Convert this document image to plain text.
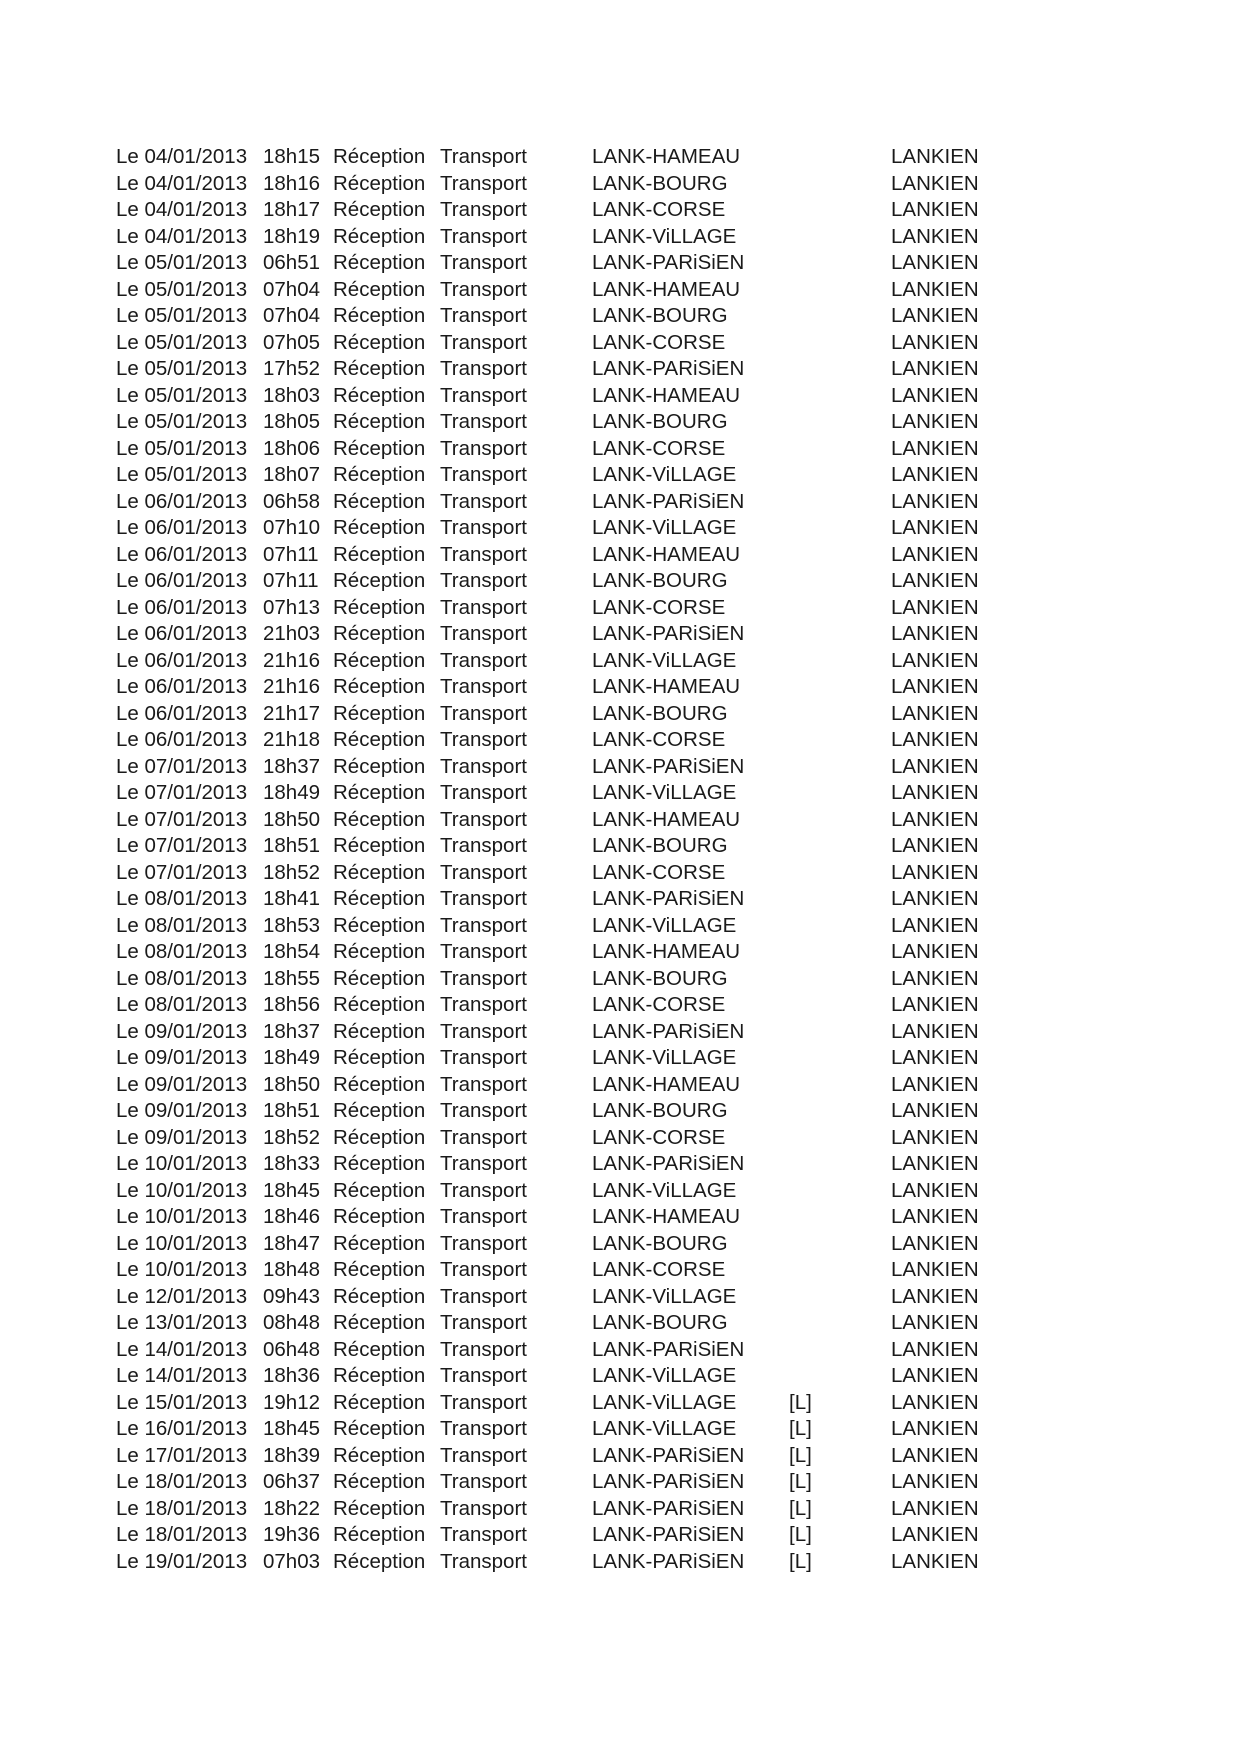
Le 04/01/2013 18h15 Réception Transport	LANK-HAMEAU	LANKIEN
Le 04/01/2013 18h16 Réception Transport	LANK-BOURG	LANKIEN
Le 04/01/2013 18h17 Réception Transport	LANK-CORSE	LANKIEN
Le 04/01/2013 18h19 Réception Transport	LANK-ViLLAGE	LANKIEN
Le 05/01/2013 06h51 Réception Transport	LANK-PARiSiEN	LANKIEN
Le 05/01/2013 07h04 Réception Transport	LANK-HAMEAU	LANKIEN
Le 05/01/2013 07h04 Réception Transport	LANK-BOURG	LANKIEN
Le 05/01/2013 07h05 Réception Transport	LANK-CORSE	LANKIEN
Le 05/01/2013 17h52 Réception Transport	LANK-PARiSiEN	LANKIEN
Le 05/01/2013 18h03 Réception Transport	LANK-HAMEAU	LANKIEN
Le 05/01/2013 18h05 Réception Transport	LANK-BOURG	LANKIEN
Le 05/01/2013 18h06 Réception Transport	LANK-CORSE	LANKIEN
Le 05/01/2013 18h07 Réception Transport	LANK-ViLLAGE	LANKIEN
Le 06/01/2013 06h58 Réception Transport	LANK-PARiSiEN	LANKIEN
Le 06/01/2013 07h10 Réception Transport	LANK-ViLLAGE	LANKIEN
Le 06/01/2013 07h11 Réception Transport	LANK-HAMEAU	LANKIEN
Le 06/01/2013 07h11 Réception Transport	LANK-BOURG	LANKIEN
Le 06/01/2013 07h13 Réception Transport	LANK-CORSE	LANKIEN
Le 06/01/2013 21h03 Réception Transport	LANK-PARiSiEN	LANKIEN
Le 06/01/2013 21h16 Réception Transport	LANK-ViLLAGE	LANKIEN
Le 06/01/2013 21h16 Réception Transport	LANK-HAMEAU	LANKIEN
Le 06/01/2013 21h17 Réception Transport	LANK-BOURG	LANKIEN
Le 06/01/2013 21h18 Réception Transport	LANK-CORSE	LANKIEN
Le 07/01/2013 18h37 Réception Transport	LANK-PARiSiEN	LANKIEN
Le 07/01/2013 18h49 Réception Transport	LANK-ViLLAGE	LANKIEN
Le 07/01/2013 18h50 Réception Transport	LANK-HAMEAU	LANKIEN
Le 07/01/2013 18h51 Réception Transport	LANK-BOURG	LANKIEN
Le 07/01/2013 18h52 Réception Transport	LANK-CORSE	LANKIEN
Le 08/01/2013 18h41 Réception Transport	LANK-PARiSiEN	LANKIEN
Le 08/01/2013 18h53 Réception Transport	LANK-ViLLAGE	LANKIEN
Le 08/01/2013 18h54 Réception Transport	LANK-HAMEAU	LANKIEN
Le 08/01/2013 18h55 Réception Transport	LANK-BOURG	LANKIEN
Le 08/01/2013 18h56 Réception Transport	LANK-CORSE	LANKIEN
Le 09/01/2013 18h37 Réception Transport	LANK-PARiSiEN	LANKIEN
Le 09/01/2013 18h49 Réception Transport	LANK-ViLLAGE	LANKIEN
Le 09/01/2013 18h50 Réception Transport	LANK-HAMEAU	LANKIEN
Le 09/01/2013 18h51 Réception Transport	LANK-BOURG	LANKIEN
Le 09/01/2013 18h52 Réception Transport	LANK-CORSE	LANKIEN
Le 10/01/2013 18h33 Réception Transport	LANK-PARiSiEN	LANKIEN
Le 10/01/2013 18h45 Réception Transport	LANK-ViLLAGE	LANKIEN
Le 10/01/2013 18h46 Réception Transport	LANK-HAMEAU	LANKIEN
Le 10/01/2013 18h47 Réception Transport	LANK-BOURG	LANKIEN
Le 10/01/2013 18h48 Réception Transport	LANK-CORSE	LANKIEN
Le 12/01/2013 09h43 Réception Transport	LANK-ViLLAGE	LANKIEN
Le 13/01/2013 08h48 Réception Transport	LANK-BOURG	LANKIEN
Le 14/01/2013 06h48 Réception Transport	LANK-PARiSiEN	LANKIEN
Le 14/01/2013 18h36 Réception Transport	LANK-ViLLAGE	LANKIEN
Le 15/01/2013 19h12 Réception Transport	LANK-ViLLAGE	[L]	LANKIEN
Le 16/01/2013 18h45 Réception Transport	LANK-ViLLAGE	[L]	LANKIEN
Le 17/01/2013 18h39 Réception Transport	LANK-PARiSiEN [L]	LANKIEN
Le 18/01/2013 06h37 Réception Transport	LANK-PARiSiEN [L]	LANKIEN
Le 18/01/2013 18h22 Réception Transport	LANK-PARiSiEN [L]	LANKIEN
Le 18/01/2013 19h36 Réception Transport	LANK-PARiSiEN [L]	LANKIEN
Le 19/01/2013 07h03 Réception Transport	LANK-PARiSiEN [L]	LANKIEN
